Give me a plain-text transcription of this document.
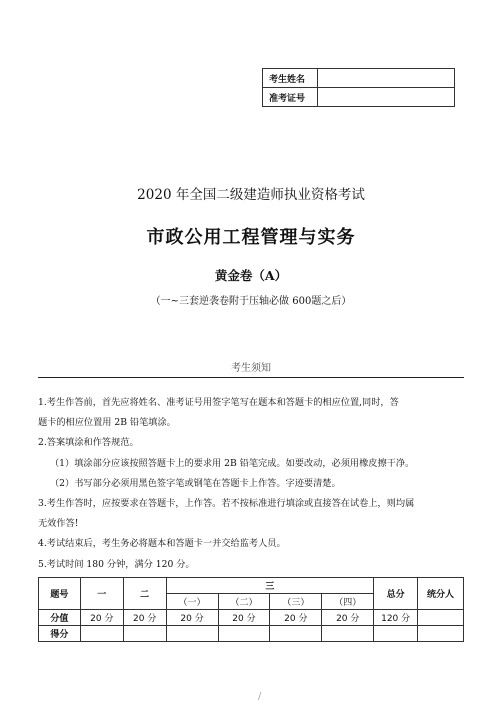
考生姓名	
准考证号	
2020 年全国二级建造师执业资格考试
市政公用工程管理与实务
黄金卷（A）
（一~三套逆袭卷附于压轴必做 600题之后）
考生须知

1.考生作答前，首先应将姓名、准考证号用签字笔写在题本和答题卡的相应位置,同时，答

题卡的相应位置用 2B 铅笔填涂。

2.答案填涂和作答规范。

（1）填涂部分应该按照答题卡上的要求用 2B 铅笔完成。如要改动，必须用橡皮擦干净。

（2）书写部分必须用黑色签字笔或钢笔在答题卡上作答。字迹要清楚。

3.考生作答时，应按要求在答题卡，上作答。若不按标准进行填涂或直接答在试卷上，则均属

无效作答!

4.考试结束后，考生务必将题本和答题卡一并交给监考人员。

5.考试时间 180 分钟，满分 120 分。

题号	一	二	三				总分	统分人
			（一）	（二）	（三）	（四）		
分值	20 分	20 分	20 分	20 分	20 分	20 分	120 分	
得分								
/
